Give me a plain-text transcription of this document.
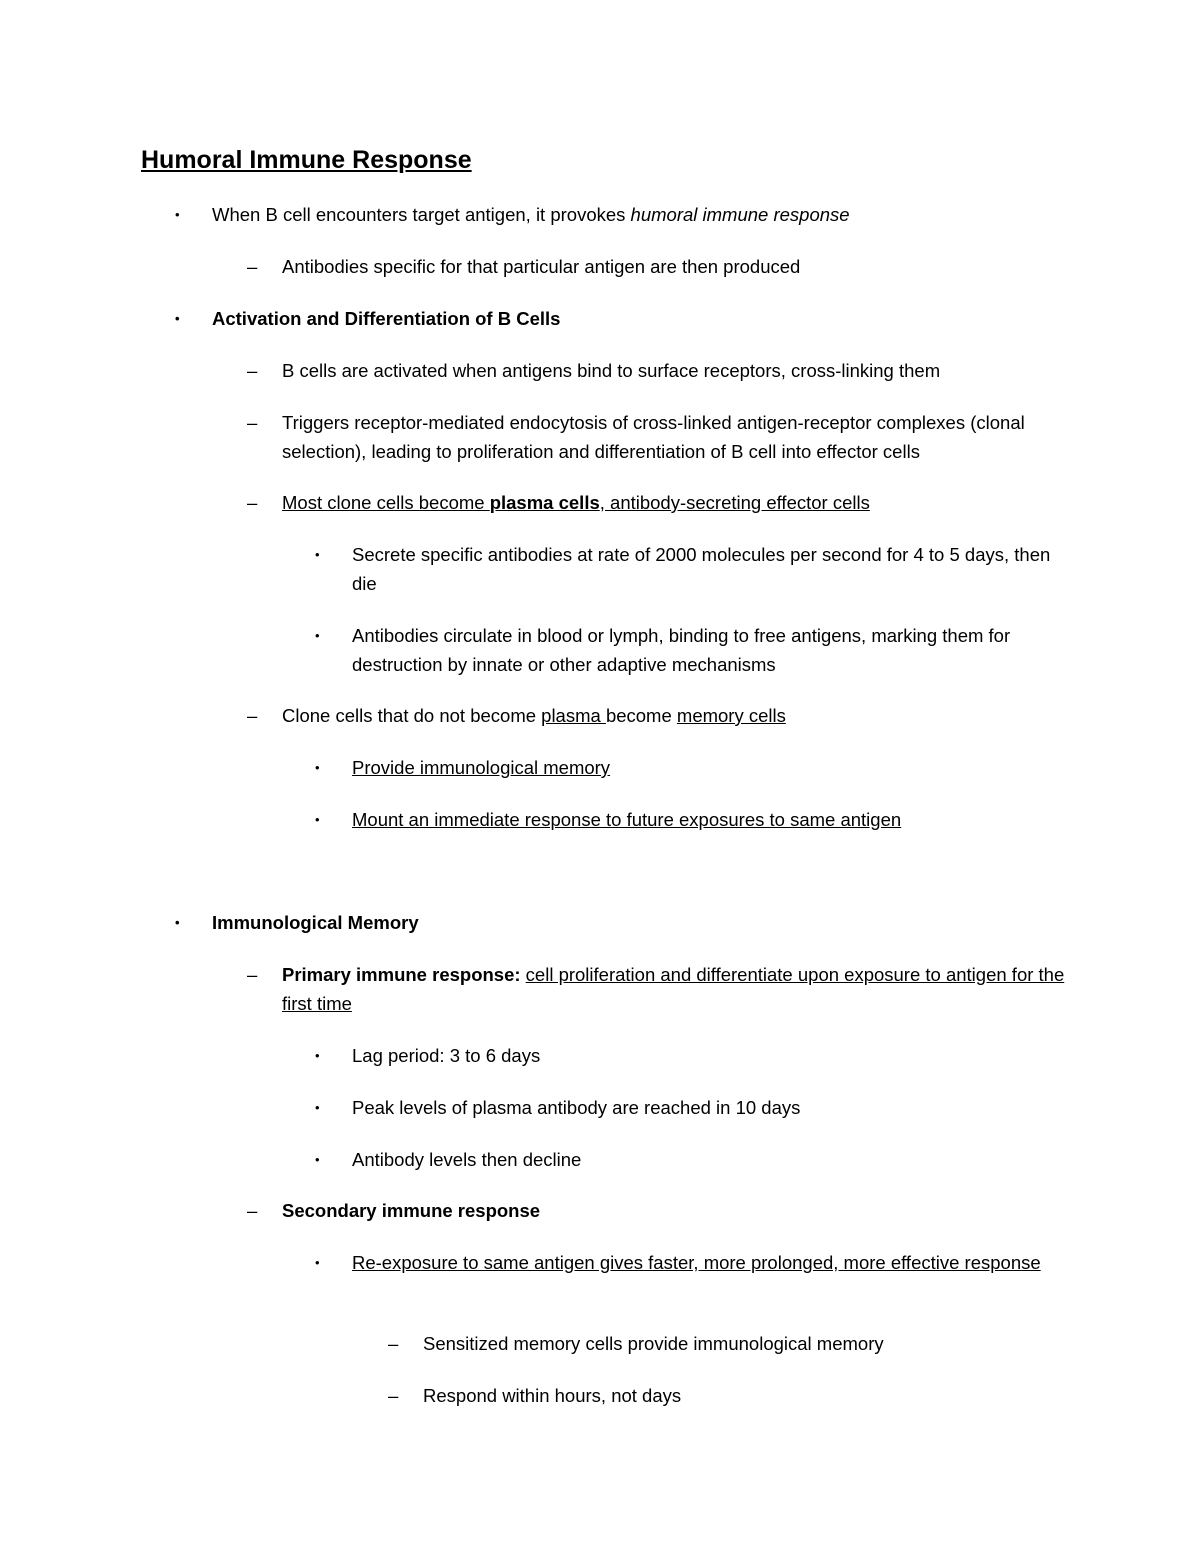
Humoral Immune Response
• When B cell encounters target antigen, it provokes humoral immune response
– Antibodies specific for that particular antigen are then produced
• Activation and Differentiation of B Cells
– B cells are activated when antigens bind to surface receptors, cross-linking them
– Triggers receptor-mediated endocytosis of cross-linked antigen-receptor complexes (clonal selection), leading to proliferation and differentiation of B cell into effector cells
– Most clone cells become plasma cells, antibody-secreting effector cells
• Secrete specific antibodies at rate of 2000 molecules per second for 4 to 5 days, then die
• Antibodies circulate in blood or lymph, binding to free antigens, marking them for destruction by innate or other adaptive mechanisms
– Clone cells that do not become plasma become memory cells
• Provide immunological memory
• Mount an immediate response to future exposures to same antigen
• Immunological Memory
– Primary immune response: cell proliferation and differentiate upon exposure to antigen for the first time
• Lag period: 3 to 6 days
• Peak levels of plasma antibody are reached in 10 days
• Antibody levels then decline
– Secondary immune response
• Re-exposure to same antigen gives faster, more prolonged, more effective response
– Sensitized memory cells provide immunological memory
– Respond within hours, not days
